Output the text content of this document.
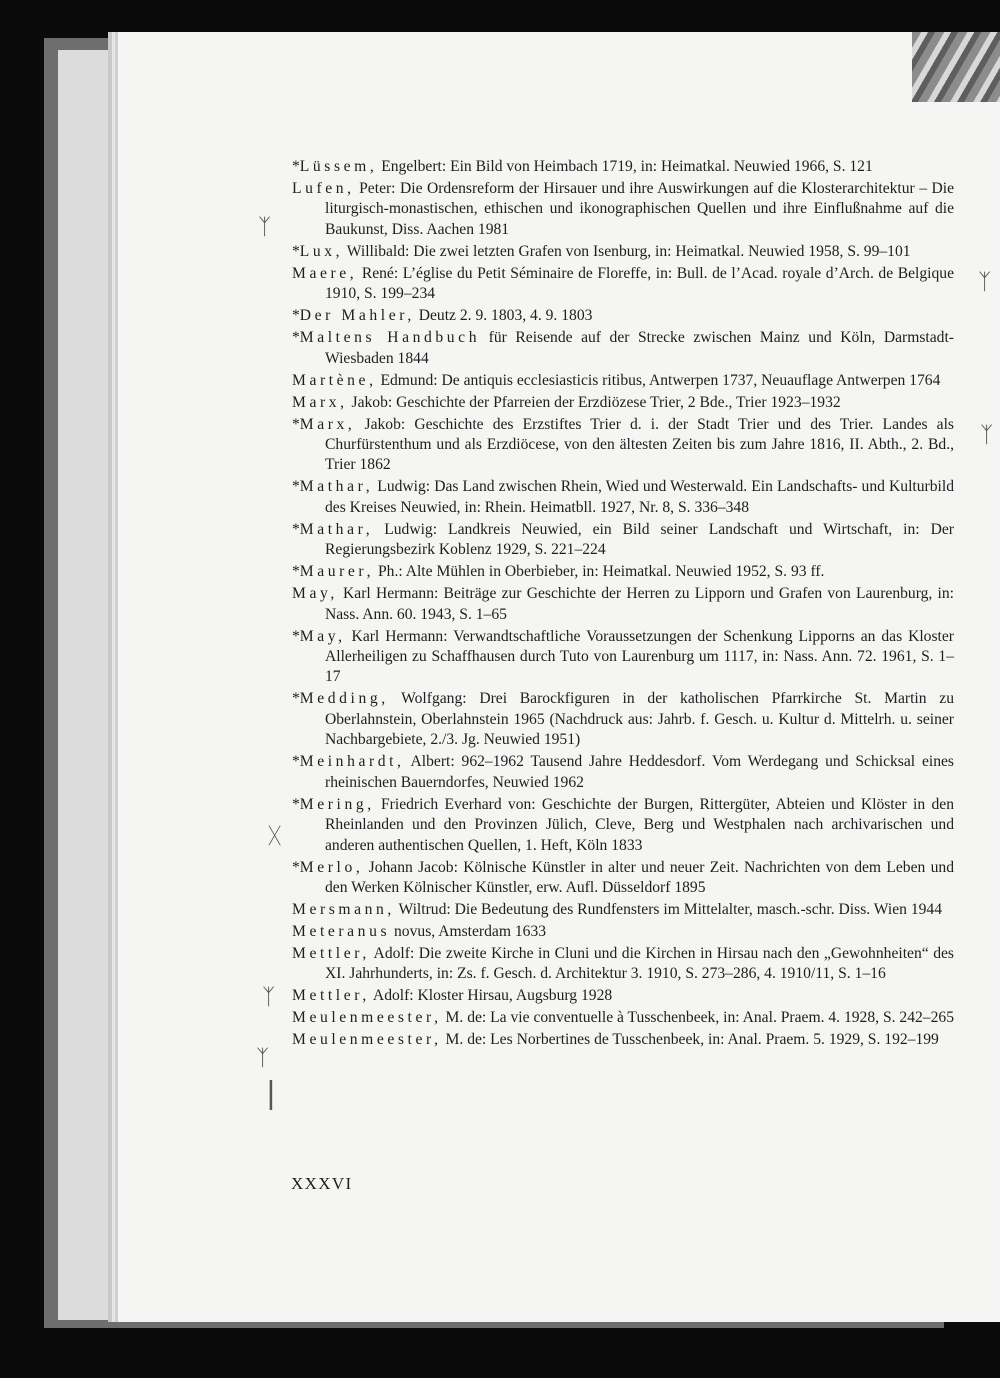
ᛉ
ᛉ
ᛉ
ᚷ
ᛉ
ᛉ
⎸

*Lüssem, Engelbert: Ein Bild von Heimbach 1719, in: Heimatkal. Neuwied 1966, S. 121

Lufen, Peter: Die Ordensreform der Hirsauer und ihre Auswirkungen auf die Klosterarchitektur – Die liturgisch-monastischen, ethischen und ikonographischen Quellen und ihre Einflußnahme auf die Baukunst, Diss. Aachen 1981

*Lux, Willibald: Die zwei letzten Grafen von Isenburg, in: Heimatkal. Neuwied 1958, S. 99–101

Maere, René: L’église du Petit Séminaire de Floreffe, in: Bull. de l’Acad. royale d’Arch. de Belgique 1910, S. 199–234

*Der Mahler, Deutz 2. 9. 1803, 4. 9. 1803

*Maltens Handbuch für Reisende auf der Strecke zwischen Mainz und Köln, Darmstadt-Wiesbaden 1844

Martène, Edmund: De antiquis ecclesiasticis ritibus, Antwerpen 1737, Neuauflage Antwerpen 1764

Marx, Jakob: Geschichte der Pfarreien der Erzdiözese Trier, 2 Bde., Trier 1923–1932

*Marx, Jakob: Geschichte des Erzstiftes Trier d. i. der Stadt Trier und des Trier. Landes als Churfürstenthum und als Erzdiöcese, von den ältesten Zeiten bis zum Jahre 1816, II. Abth., 2. Bd., Trier 1862

*Mathar, Ludwig: Das Land zwischen Rhein, Wied und Westerwald. Ein Landschafts- und Kulturbild des Kreises Neuwied, in: Rhein. Heimatbll. 1927, Nr. 8, S. 336–348

*Mathar, Ludwig: Landkreis Neuwied, ein Bild seiner Landschaft und Wirtschaft, in: Der Regierungsbezirk Koblenz 1929, S. 221–224

*Maurer, Ph.: Alte Mühlen in Oberbieber, in: Heimatkal. Neuwied 1952, S. 93 ff.

May, Karl Hermann: Beiträge zur Geschichte der Herren zu Lipporn und Grafen von Laurenburg, in: Nass. Ann. 60. 1943, S. 1–65

*May, Karl Hermann: Verwandtschaftliche Voraussetzungen der Schenkung Lipporns an das Kloster Allerheiligen zu Schaffhausen durch Tuto von Laurenburg um 1117, in: Nass. Ann. 72. 1961, S. 1–17

*Medding, Wolfgang: Drei Barockfiguren in der katholischen Pfarrkirche St. Martin zu Oberlahnstein, Oberlahnstein 1965 (Nachdruck aus: Jahrb. f. Gesch. u. Kultur d. Mittelrh. u. seiner Nachbargebiete, 2./3. Jg. Neuwied 1951)

*Meinhardt, Albert: 962–1962 Tausend Jahre Heddesdorf. Vom Werdegang und Schicksal eines rheinischen Bauerndorfes, Neuwied 1962

*Mering, Friedrich Everhard von: Geschichte der Burgen, Rittergüter, Abteien und Klöster in den Rheinlanden und den Provinzen Jülich, Cleve, Berg und Westphalen nach archivarischen und anderen authentischen Quellen, 1. Heft, Köln 1833

*Merlo, Johann Jacob: Kölnische Künstler in alter und neuer Zeit. Nachrichten von dem Leben und den Werken Kölnischer Künstler, erw. Aufl. Düsseldorf 1895

Mersmann, Wiltrud: Die Bedeutung des Rundfensters im Mittelalter, masch.-schr. Diss. Wien 1944

Meteranus novus, Amsterdam 1633

Mettler, Adolf: Die zweite Kirche in Cluni und die Kirchen in Hirsau nach den „Gewohnheiten“ des XI. Jahrhunderts, in: Zs. f. Gesch. d. Architektur 3. 1910, S. 273–286, 4. 1910/11, S. 1–16

Mettler, Adolf: Kloster Hirsau, Augsburg 1928

Meulenmeester, M. de: La vie conventuelle à Tusschenbeek, in: Anal. Praem. 4. 1928, S. 242–265

Meulenmeester, M. de: Les Norbertines de Tusschenbeek, in: Anal. Praem. 5. 1929, S. 192–199

XXXVI
